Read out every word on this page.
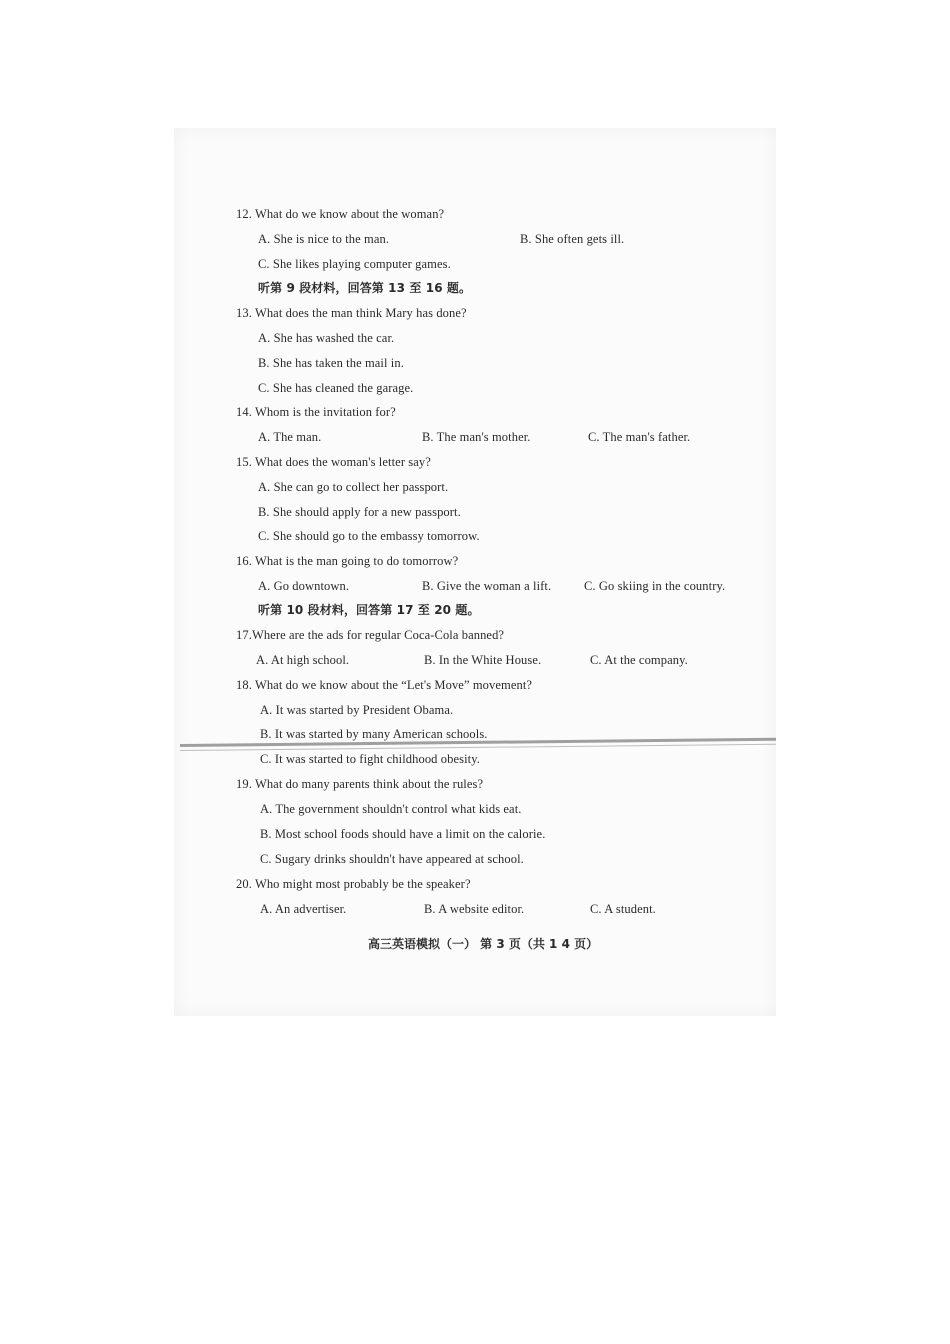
12. What do we know about the woman?
A. She is nice to the man.	B. She often gets ill.
C. She likes playing computer games.
听第 9 段材料，回答第 13 至 16 题。
13. What does the man think Mary has done?
A. She has washed the car.
B. She has taken the mail in.
C. She has cleaned the garage.
14. Whom is the invitation for?
A. The man.	B. The man's mother.	C. The man's father.
15. What does the woman's letter say?
A. She can go to collect her passport.
B. She should apply for a new passport.
C. She should go to the embassy tomorrow.
16. What is the man going to do tomorrow?
A. Go downtown.	B. Give the woman a lift.	C. Go skiing in the country.
听第 10 段材料，回答第 17 至 20 题。
17.Where are the ads for regular Coca-Cola banned?
A. At high school.	B. In the White House.	C. At the company.
18. What do we know about the “Let's Move” movement?
A. It was started by President Obama.
B. It was started by many American schools.
C. It was started to fight childhood obesity.
19. What do many parents think about the rules?
A. The government shouldn't control what kids eat.
B. Most school foods should have a limit on the calorie.
C. Sugary drinks shouldn't have appeared at school.
20. Who might most probably be the speaker?
A. An advertiser.	B. A website editor.	C. A student.
高三英语模拟（一） 第 3 页（共 1 4 页）
